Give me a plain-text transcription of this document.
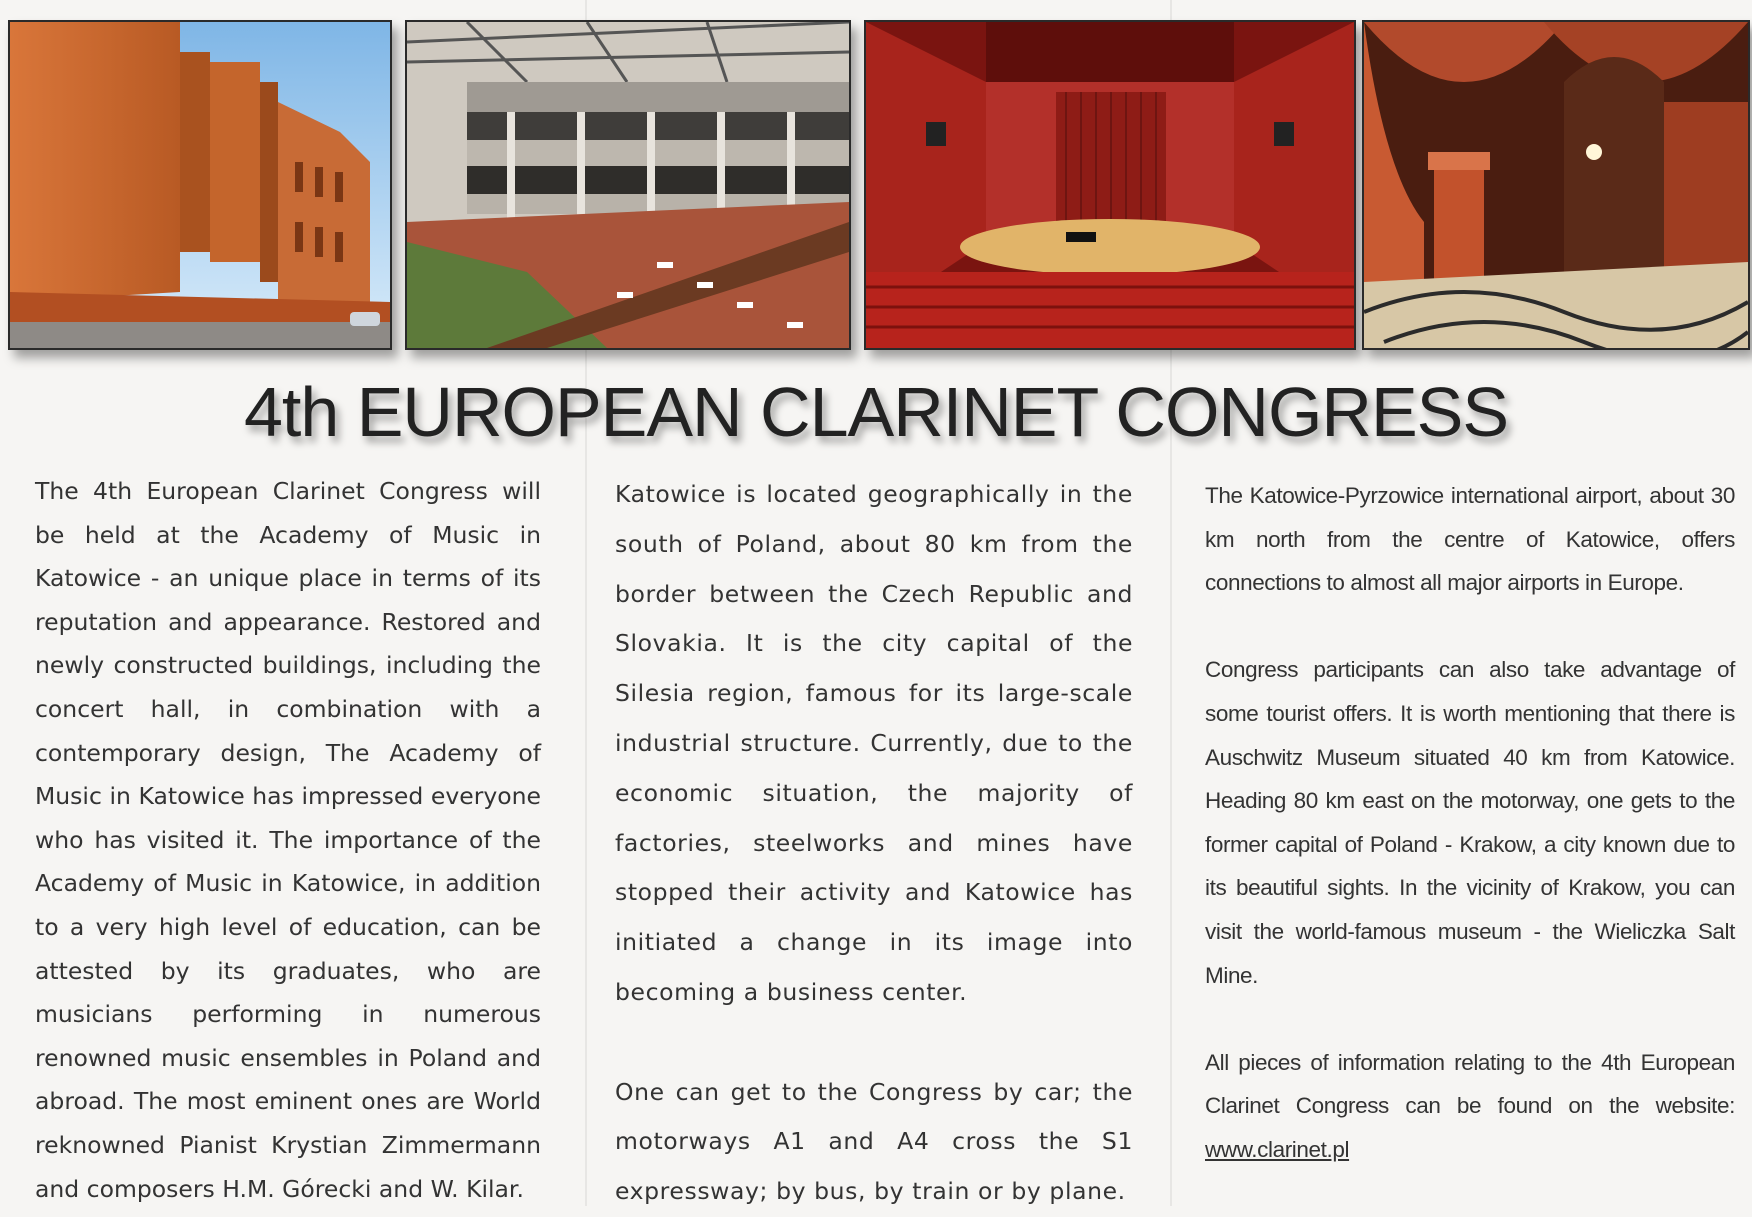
4th EUROPEAN CLARINET CONGRESS

The 4th European Clarinet Congress will be held at the Academy of Music in Katowice - an unique place in terms of its reputation and appearance. Restored and newly constructed buildings, including the concert hall, in combination with a contemporary design, The Academy of Music in Katowice has impressed everyone who has visited it. The importance of the Academy of Music in Katowice, in addition to a very high level of education, can be attested by its graduates, who are musicians performing in numerous renowned music ensembles in Poland and abroad. The most eminent ones are World reknowned Pianist Krystian Zimmermann and composers H.M. Górecki and W. Kilar.

Katowice is located geographically in the south of Poland, about 80 km from the border between the Czech Republic and Slovakia. It is the city capital of the Silesia region, famous for its large-scale industrial structure. Currently, due to the economic situation, the majority of factories, steelworks and mines have stopped their activity and Katowice has initiated a change in its image into becoming a business center.

One can get to the Congress by car; the motorways A1 and A4 cross the S1 expressway; by bus, by train or by plane.

The Katowice-Pyrzowice international airport, about 30 km north from the centre of Katowice, offers connections to almost all major airports in Europe.

Congress participants can also take advantage of some tourist offers. It is worth mentioning that there is Auschwitz Museum situated 40 km from Katowice. Heading 80 km east on the motorway, one gets to the former capital of Poland - Krakow, a city known due to its beautiful sights. In the vicinity of Krakow, you can visit the world-famous museum - the Wieliczka Salt Mine.

All pieces of information relating to the 4th European Clarinet Congress can be found on the website: www.clarinet.pl
